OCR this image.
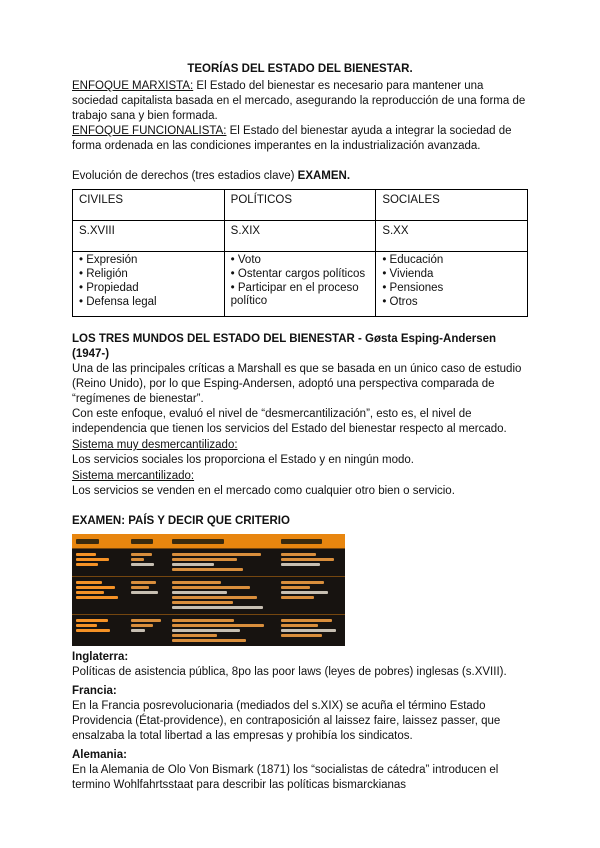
TEORÍAS DEL ESTADO DEL BIENESTAR.

ENFOQUE MARXISTA: El Estado del bienestar es necesario para mantener una sociedad capitalista basada en el mercado, asegurando la reproducción de una forma de trabajo sana y bien formada.

ENFOQUE FUNCIONALISTA: El Estado del bienestar ayuda a integrar la sociedad de forma ordenada en las condiciones imperantes en la industrialización avanzada.

Evolución de derechos (tres estadios clave) EXAMEN.

CIVILES	POLÍTICOS	SOCIALES
S.XVIII	S.XIX	S.XX

• Expresión
• Religión
• Propiedad
• Defensa legal

• Voto
• Ostentar cargos políticos
• Participar en el proceso político

• Educación
• Vivienda
• Pensiones
• Otros
LOS TRES MUNDOS DEL ESTADO DEL BIENESTAR - Gøsta Esping-Andersen
(1947-)

Una de las principales críticas a Marshall es que se basada en un único caso de estudio (Reino Unido), por lo que Esping-Andersen, adoptó una perspectiva comparada de “regímenes de bienestar”.

Con este enfoque, evaluó el nivel de “desmercantilización”, esto es, el nivel de independencia que tienen los servicios del Estado del bienestar respecto al mercado.

Sistema muy desmercantilizado:

Los servicios sociales los proporciona el Estado y en ningún modo.

Sistema mercantilizado:

Los servicios se venden en el mercado como cualquier otro bien o servicio.

EXAMEN: PAÍS Y DECIR QUE CRITERIO

Inglaterra:

Políticas de asistencia pública, 8po las poor laws (leyes de pobres) inglesas (s.XVIII).

Francia:

En la Francia posrevolucionaria (mediados del s.XIX) se acuña el término Estado Providencia (État-providence), en contraposición al laissez faire, laissez passer, que ensalzaba la total libertad a las empresas y prohibía los sindicatos.

Alemania:

En la Alemania de Olo Von Bismark (1871) los “socialistas de cátedra” introducen el termino Wohlfahrtsstaat para describir las políticas bismarckianas
